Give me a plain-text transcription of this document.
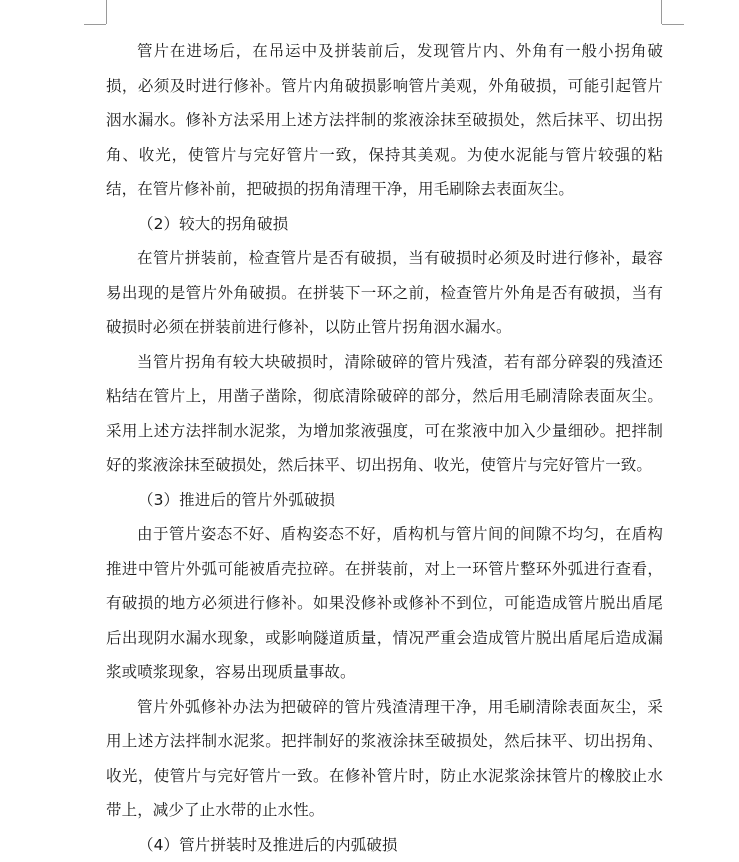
管片在进场后，在吊运中及拼装前后，发现管片内、外角有一般小拐角破损，必须及时进行修补。管片内角破损影响管片美观，外角破损，可能引起管片洇水漏水。修补方法采用上述方法拌制的浆液涂抹至破损处，然后抹平、切出拐角、收光，使管片与完好管片一致，保持其美观。为使水泥能与管片较强的粘结，在管片修补前，把破损的拐角清理干净，用毛刷除去表面灰尘。

（2）较大的拐角破损

在管片拼装前，检查管片是否有破损，当有破损时必须及时进行修补，最容易出现的是管片外角破损。在拼装下一环之前，检查管片外角是否有破损，当有破损时必须在拼装前进行修补，以防止管片拐角洇水漏水。

当管片拐角有较大块破损时，清除破碎的管片残渣，若有部分碎裂的残渣还粘结在管片上，用凿子凿除，彻底清除破碎的部分，然后用毛刷清除表面灰尘。采用上述方法拌制水泥浆，为增加浆液强度，可在浆液中加入少量细砂。把拌制好的浆液涂抹至破损处，然后抹平、切出拐角、收光，使管片与完好管片一致。

（3）推进后的管片外弧破损

由于管片姿态不好、盾构姿态不好，盾构机与管片间的间隙不均匀，在盾构推进中管片外弧可能被盾壳拉碎。在拼装前，对上一环管片整环外弧进行查看，有破损的地方必须进行修补。如果没修补或修补不到位，可能造成管片脱出盾尾后出现阴水漏水现象，或影响隧道质量，情况严重会造成管片脱出盾尾后造成漏浆或喷浆现象，容易出现质量事故。

管片外弧修补办法为把破碎的管片残渣清理干净，用毛刷清除表面灰尘，采用上述方法拌制水泥浆。把拌制好的浆液涂抹至破损处，然后抹平、切出拐角、收光，使管片与完好管片一致。在修补管片时，防止水泥浆涂抹管片的橡胶止水带上，减少了止水带的止水性。

（4）管片拼装时及推进后的内弧破损
